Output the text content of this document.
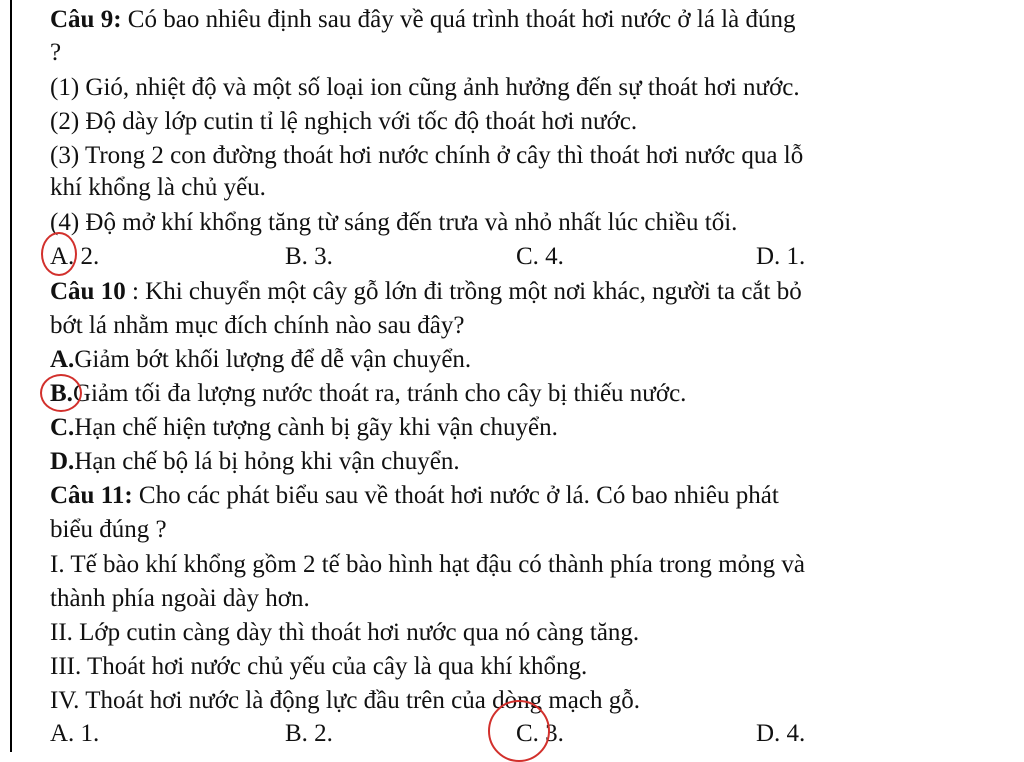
Câu 9: Có bao nhiêu định sau đây về quá trình thoát hơi nước ở lá là đúng
?
(1) Gió, nhiệt độ và một số loại ion cũng ảnh hưởng đến sự thoát hơi nước.
(2) Độ dày lớp cutin tỉ lệ nghịch với tốc độ thoát hơi nước.
(3) Trong 2 con đường thoát hơi nước chính ở cây thì thoát hơi nước qua lỗ
khí khổng là chủ yếu.
(4) Độ mở khí khổng tăng từ sáng đến trưa và nhỏ nhất lúc chiều tối.
A. 2.	B. 3.	C. 4.	D. 1.
Câu 10 : Khi chuyển một cây gỗ lớn đi trồng một nơi khác, người ta cắt bỏ
bớt lá nhằm mục đích chính nào sau đây?
A.Giảm bớt khối lượng để dễ vận chuyển.
B.Giảm tối đa lượng nước thoát ra, tránh cho cây bị thiếu nước.
C.Hạn chế hiện tượng cành bị gãy khi vận chuyển.
D.Hạn chế bộ lá bị hỏng khi vận chuyển.
Câu 11: Cho các phát biểu sau về thoát hơi nước ở lá. Có bao nhiêu phát
biểu đúng ?
I. Tế bào khí khổng gồm 2 tế bào hình hạt đậu có thành phía trong mỏng và
thành phía ngoài dày hơn.
II. Lớp cutin càng dày thì thoát hơi nước qua nó càng tăng.
III. Thoát hơi nước chủ yếu của cây là qua khí khổng.
IV. Thoát hơi nước là động lực đầu trên của dòng mạch gỗ.
A. 1.	B. 2.	C. 3.	D. 4.
